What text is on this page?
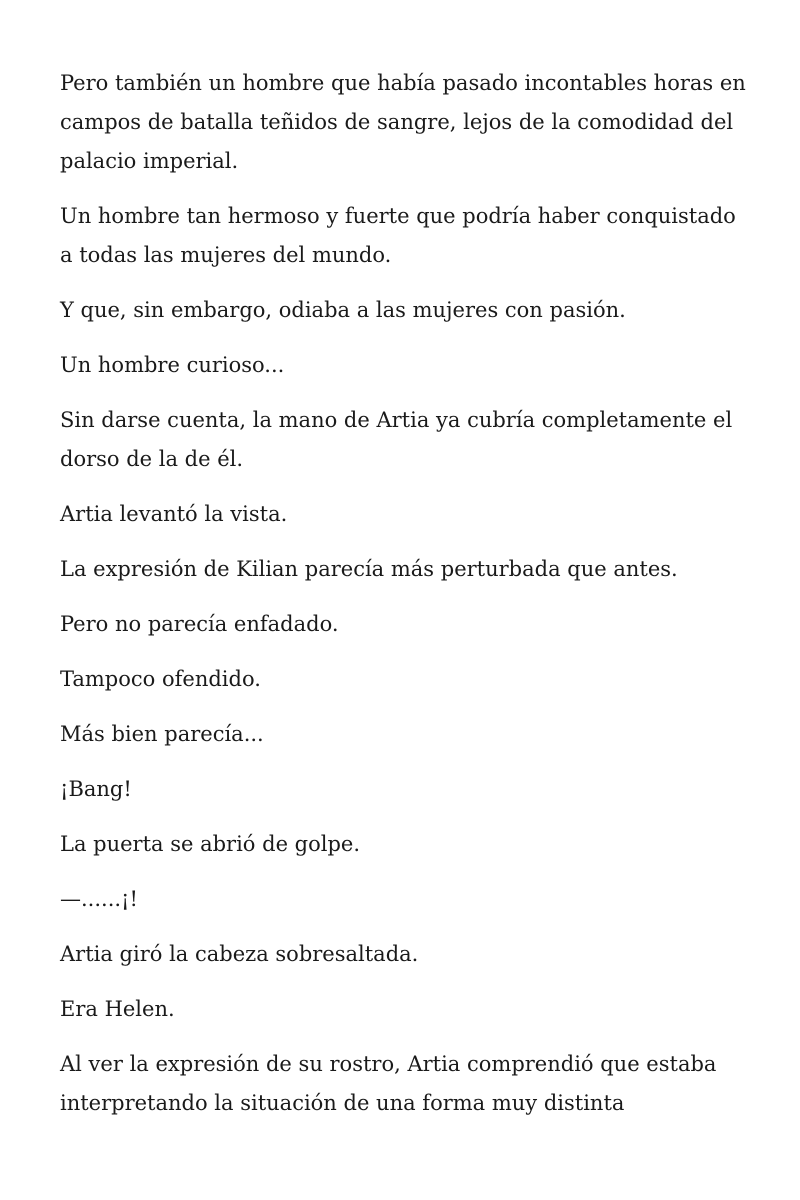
Pero también un hombre que había pasado incontables horas en campos de batalla teñidos de sangre, lejos de la comodidad del palacio imperial.

Un hombre tan hermoso y fuerte que podría haber conquistado a todas las mujeres del mundo.

Y que, sin embargo, odiaba a las mujeres con pasión.

Un hombre curioso...

Sin darse cuenta, la mano de Artia ya cubría completamente el dorso de la de él.

Artia levantó la vista.

La expresión de Kilian parecía más perturbada que antes.

Pero no parecía enfadado.

Tampoco ofendido.

Más bien parecía...

¡Bang!

La puerta se abrió de golpe.

—......¡!

Artia giró la cabeza sobresaltada.

Era Helen.

Al ver la expresión de su rostro, Artia comprendió que estaba interpretando la situación de una forma muy distinta
